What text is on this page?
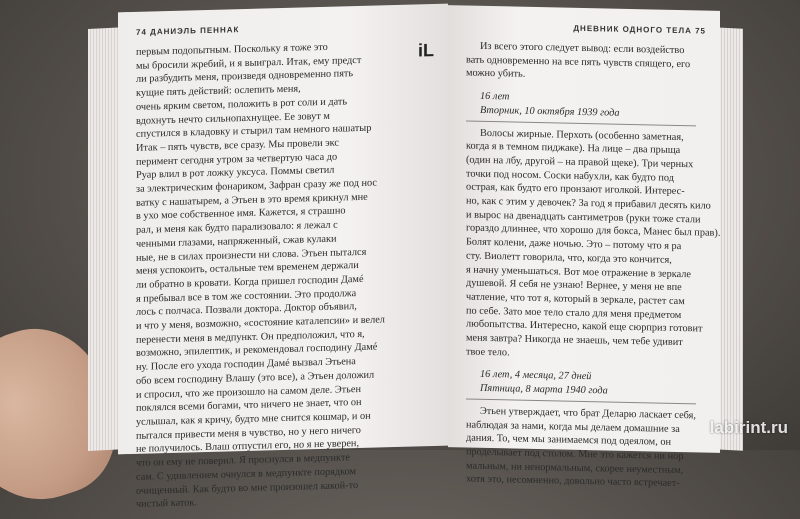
74 ДАНИЭЛЬ ПЕННАК
iL
первым подопытным. Поскольку я тоже это
мы бросили жребий, и я выиграл. Итак, ему предст
ли разбудить меня, произведя одновременно пять
кущие пять действий: ослепить меня,
очень ярким светом, положить в рот соли и дать
вдохнуть нечто сильнопахнущее. Ее зовут м
спустился в кладовку и стырил там немного нашатыр
Итак – пять чувств, все сразу. Мы провели экс
перимент сегодня утром за четвертую часа до
Руар влил в рот ложку уксуса. Поммы светил
за электрическим фонариком, Зафран сразу же под нос
ватку с нашатырем, а Этьен в это время крикнул мне
в ухо мое собственное имя. Кажется, я страшно
рал, и меня как будто парализовало: я лежал с
ченными глазами, напряженный, сжав кулаки
ные, не в силах произнести ни слова. Этьен пытался
меня успокоить, остальные тем временем держали
ли обратно в кровати. Когда пришел господин Дамé
я пребывал все в том же состоянии. Это продолжа
лось с полчаса. Позвали доктора. Доктор объявил,
и что у меня, возможно, «состояние каталепсии» и велел
перенести меня в медпункт. Он предположил, что я,
возможно, эпилептик, и рекомендовал господину Дамé
ну. После его ухода господин Дамé вызвал Этьена
обо всем господину Влашу (это все), а Этьен доложил
и спросил, что же произошло на самом деле. Этьен
поклялся всеми богами, что ничего не знает, что он
услышал, как я кричу, будто мне снится кошмар, и он
пытался привести меня в чувство, но у него ничего
не получилось. Влаш отпустил его, но я не уверен,
что он ему не поверил. Я проснулся в медпункте
сам. С удивлением очнулся в медпункте порядком
очищенный. Как будто во мне произошел какой-то
чистый каток.
ДНЕВНИК ОДНОГО ТЕЛА 75
Из всего этого следует вывод: если воздейство
вать одновременно на все пять чувств спящего, его
можно убить.
16 лет
Вторник, 10 октября 1939 года
Волосы жирные. Перхоть (особенно заметная,
когда я в темном пиджаке). На лице – два прыща
(один на лбу, другой – на правой щеке). Три черных
точки под носом. Соски набухли, как будто под
острая, как будто его пронзают иголкой. Интерес-
но, как с этим у девочек? За год я прибавил десять кило
и вырос на двенадцать сантиметров (руки тоже стали
гораздо длиннее, что хорошо для бокса, Манес был прав).
Болят колени, даже ночью. Это – потому что я ра
сту. Виолетт говорила, что, когда это кончится,
я начну уменьшаться. Вот мое отражение в зеркале
душевой. Я себя не узнаю! Вернее, у меня не впе
чатление, что тот я, который в зеркале, растет сам
по себе. Зато мое тело стало для меня предметом
любопытства. Интересно, какой еще сюрприз готовит
меня завтра? Никогда не знаешь, чем тебе удивит
твое тело.
16 лет, 4 месяца, 27 дней
Пятница, 8 марта 1940 года
Этьен утверждает, что брат Деларю ласкает себя,
наблюдая за нами, когда мы делаем домашние за
дания. То, чем мы занимаемся под одеялом, он
проделывает под столом. Мне это кажется ни нор
мальным, ни ненормальным, скорее неуместным,
хотя это, несомненно, довольно часто встречает-
labirint.ru
